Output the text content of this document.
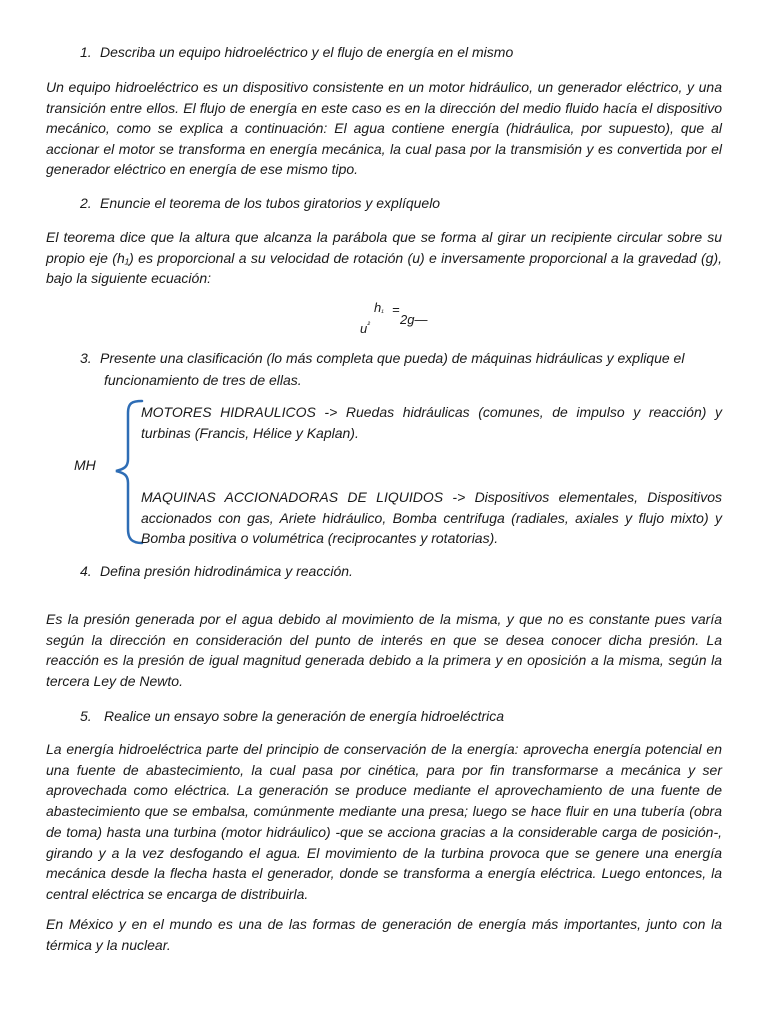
1. Describa un equipo hidroeléctrico y el flujo de energía en el mismo
Un equipo hidroeléctrico es un dispositivo consistente en un motor hidráulico, un generador eléctrico, y una transición entre ellos. El flujo de energía en este caso es en la dirección del medio fluido hacía el dispositivo mecánico, como se explica a continuación: El agua contiene energía (hidráulica, por supuesto), que al accionar el motor se transforma en energía mecánica, la cual pasa por la transmisión y es convertida por el generador eléctrico en energía de ese mismo tipo.
2. Enuncie el teorema de los tubos giratorios y explíquelo
El teorema dice que la altura que alcanza la parábola que se forma al girar un recipiente circular sobre su propio eje (h₁) es proporcional a su velocidad de rotación (u) e inversamente proporcional a la gravedad (g), bajo la siguiente ecuación:
$u^{^2}$
h₁ =
2g—
3. Presente una clasificación (lo más completa que pueda) de máquinas hidráulicas y explique el
funcionamiento de tres de ellas.
MH
MOTORES HIDRAULICOS -> Ruedas hidráulicas (comunes, de impulso y reacción) y turbinas (Francis, Hélice y Kaplan).
MAQUINAS ACCIONADORAS DE LIQUIDOS -> Dispositivos elementales, Dispositivos accionados con gas, Ariete hidráulico, Bomba centrifuga (radiales, axiales y flujo mixto) y Bomba positiva o volumétrica (reciprocantes y rotatorias).
4. Defina presión hidrodinámica y reacción.
Es la presión generada por el agua debido al movimiento de la misma, y que no es constante pues varía según la dirección en consideración del punto de interés en que se desea conocer dicha presión. La reacción es la presión de igual magnitud generada debido a la primera y en oposición a la misma, según la tercera Ley de Newto.
5. Realice un ensayo sobre la generación de energía hidroeléctrica
La energía hidroeléctrica parte del principio de conservación de la energía: aprovecha energía potencial en una fuente de abastecimiento, la cual pasa por cinética, para por fin transformarse a mecánica y ser aprovechada como eléctrica. La generación se produce mediante el aprovechamiento de una fuente de abastecimiento que se embalsa, comúnmente mediante una presa; luego se hace fluir en una tubería (obra de toma) hasta una turbina (motor hidráulico) -que se acciona gracias a la considerable carga de posición-, girando y a la vez desfogando el agua. El movimiento de la turbina provoca que se genere una energía mecánica desde la flecha hasta el generador, donde se transforma a energía eléctrica. Luego entonces, la central eléctrica se encarga de distribuirla.
En México y en el mundo es una de las formas de generación de energía más importantes, junto con la térmica y la nuclear.
